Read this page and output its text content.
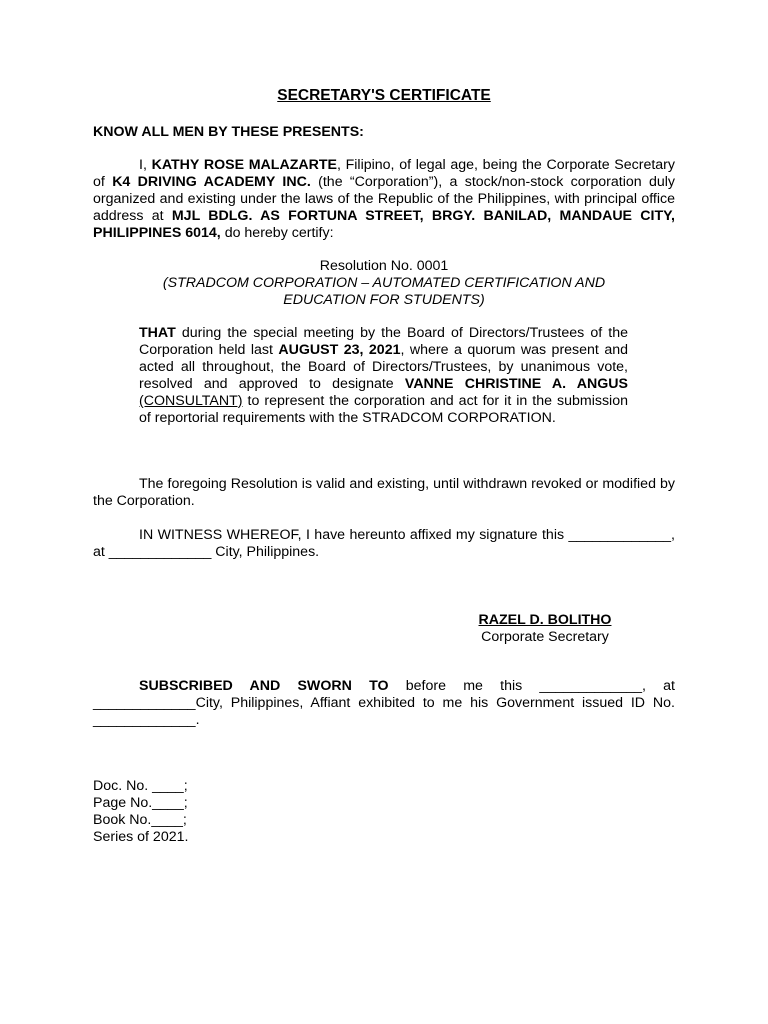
SECRETARY'S CERTIFICATE
KNOW ALL MEN BY THESE PRESENTS:
I, KATHY ROSE MALAZARTE, Filipino, of legal age, being the Corporate Secretary of K4 DRIVING ACADEMY INC. (the “Corporation”), a stock/non-stock corporation duly organized and existing under the laws of the Republic of the Philippines, with principal office address at MJL BDLG. AS FORTUNA STREET, BRGY. BANILAD, MANDAUE CITY, PHILIPPINES 6014, do hereby certify:
Resolution No. 0001
(STRADCOM CORPORATION – AUTOMATED CERTIFICATION AND EDUCATION FOR STUDENTS)
THAT during the special meeting by the Board of Directors/Trustees of the Corporation held last AUGUST 23, 2021, where a quorum was present and acted all throughout, the Board of Directors/Trustees, by unanimous vote, resolved and approved to designate VANNE CHRISTINE A. ANGUS (CONSULTANT) to represent the corporation and act for it in the submission of reportorial requirements with the STRADCOM CORPORATION.
The foregoing Resolution is valid and existing, until withdrawn revoked or modified by the Corporation.
IN WITNESS WHEREOF, I have hereunto affixed my signature this _____________, at _____________ City, Philippines.
RAZEL D. BOLITHO
Corporate Secretary
SUBSCRIBED AND SWORN TO before me this _____________, at _____________City, Philippines, Affiant exhibited to me his Government issued ID No. _____________.
Doc. No. ____;
Page No.____;
Book No.____;
Series of 2021.
